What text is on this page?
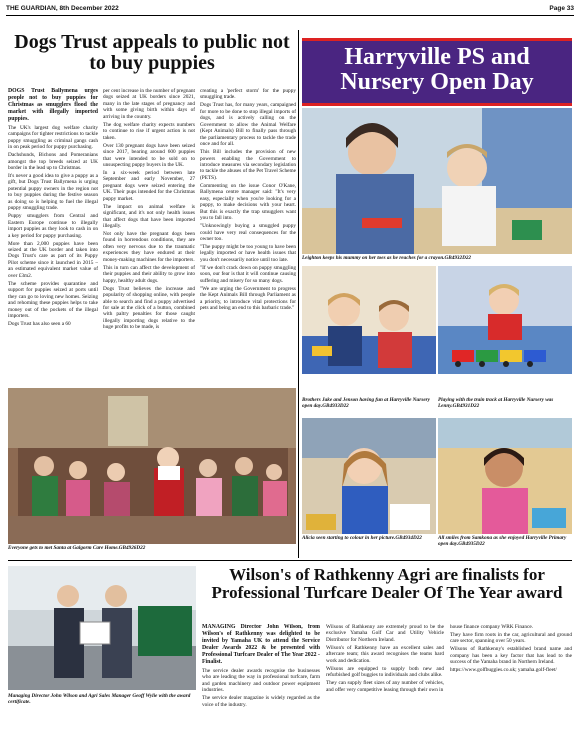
THE GUARDIAN, 8th December 2022	Page 33
Dogs Trust appeals to public not to buy puppies

DOGS Trust Ballymena urges people not to buy puppies for Christmas as smugglers flood the market with illegally imported puppies.

The UK's largest dog welfare charity campaigns for tighter restrictions to tackle puppy smuggling as criminal gangs cash in on peak period for puppy purchasing.

Dachshunds, Bichons and Pomeranians amongst the top breeds seized at UK border in the lead up to Christmas.

It's never a good idea to give a puppy as a gift, but Dogs Trust Ballymena is urging potential puppy owners in the region not to buy puppies during the festive season as doing so is helping to fuel the illegal puppy smuggling trade.

Puppy smugglers from Central and Eastern Europe continue to illegally import puppies as they look to cash in on a key period for puppy purchasing.

More than 2,000 puppies have been seized at the UK border and taken into Dogs Trust's care as part of its Puppy Pilot scheme since it launched in 2015 – an estimated equivalent market value of over £3m2.

The scheme provides quarantine and support for puppies seized at ports until they can go to loving new homes. Seizing and rehoming these puppies helps to take money out of the pockets of the illegal importers.

Dogs Trust has also seen a 60

per cent increase in the number of pregnant dogs seized at UK borders since 2021, many in the late stages of pregnancy and with some giving birth within days of arriving in the country.

The dog welfare charity expects numbers to continue to rise if urgent action is not taken.

Over 130 pregnant dogs have been seized since 2017, bearing around 600 puppies that were intended to be sold on to unsuspecting puppy buyers in the UK.

In a six-week period between late September and early November, 27 pregnant dogs were seized entering the UK. Their pups intended for the Christmas puppy market.

The impact on animal welfare is significant, and it's not only health issues that affect dogs that have been imported illegally.

Not only have the pregnant dogs been found in horrendous conditions, they are often very nervous due to the traumatic experiences they have endured at their money-making machines for the importers.

This in turn can affect the development of their puppies and their ability to grow into happy, healthy adult dogs.

Dogs Trust believes the increase and popularity of shopping online, with people able to search and find a puppy advertised for sale at the click of a button, combined with paltry penalties for those caught illegally importing dogs relative to the huge profits to be made, is

creating a 'perfect storm' for the puppy smuggling trade.

Dogs Trust has, for many years, campaigned for more to be done to stop illegal imports of dogs, and is actively calling on the Government to allow the Animal Welfare (Kept Animals) Bill to finally pass through the parliamentary process to tackle the trade once and for all.

This Bill includes the provision of new powers enabling the Government to introduce measures via secondary legislation to tackle the abuses of the Pet Travel Scheme (PETS).

Commenting on the issue Conor O'Kane, Ballymena centre manager said: "It's very easy, especially when you're looking for a puppy, to make decisions with your heart. But this is exactly the trap smugglers want you to fall into.

"Unknowingly buying a smuggled puppy could have very real consequences for the owner too.

"The puppy might be too young to have been legally imported or have health issues that you don't necessarily notice until too late.

"If we don't crack down on puppy smuggling soon, our fear is that it will continue causing suffering and misery for so many dogs.

"We are urging the Government to progress the Kept Animals Bill through Parliament as a priority, to introduce vital protections for pets and being an end to this barbaric trade."

Everyone gets to met Santa at Galgorm Care Home.GB4926D22
Harryville PS and Nursery Open Day
Leighton keeps his mummy on her toes as he reaches for a crayon.GB4932D22
Brothers Jake and Jenson having fun at Harryville Nursery open day.GB4933D22
Playing with the train track at Harryville Nursery was Lenny.GB4931D22
Alicia seen starting to colour in her picture.GB4934D22	All smiles from Samkona as she enjoyed Harryville Primary open day.GB4935D22
Managing Director John Wilson and Agri Sales Manager Geoff Wylie with the award certificate.
Wilson's of Rathkenny Agri are finalists for Professional Turfcare Dealer Of The Year award

MANAGING Director John Wilson, from Wilson's of Rathkenny was delighted to be invited by Yamaha UK to attend the Service Dealer Awards 2022 & be presented with Professional Turfcare Dealer of The Year 2022 - Finalist.

The service dealer awards recognise the businesses who are leading the way in professional turfcare, farm and garden machinery and outdoor power equipment industries.

The service dealer magazine is widely regarded as the voice of the industry.

Wilsons of Rathkenny are extremely proud to be the exclusive Yamaha Golf Car and Utility Vehicle Distributor for Northern Ireland.

Wilson's of Rathkenny have an excellent sales and aftercare team; this award recognises the teams hard work and dedication.

Wilsons are equipped to supply both new and refurbished golf buggies to individuals and clubs alike.

They can supply fleet sizes of any number of vehicles, and offer very competitive leasing through their own in

house finance company WRK Finance.

They have firm roots in the car, agricultural and ground care sector, spanning over 50 years.

Wilsons of Rathkenny's established brand name and company has been a key factor that has lead to the success of the Yamaha brand in Northern Ireland.

https://www.golfbuggies.co.uk; yamaha.golf-fleet/
